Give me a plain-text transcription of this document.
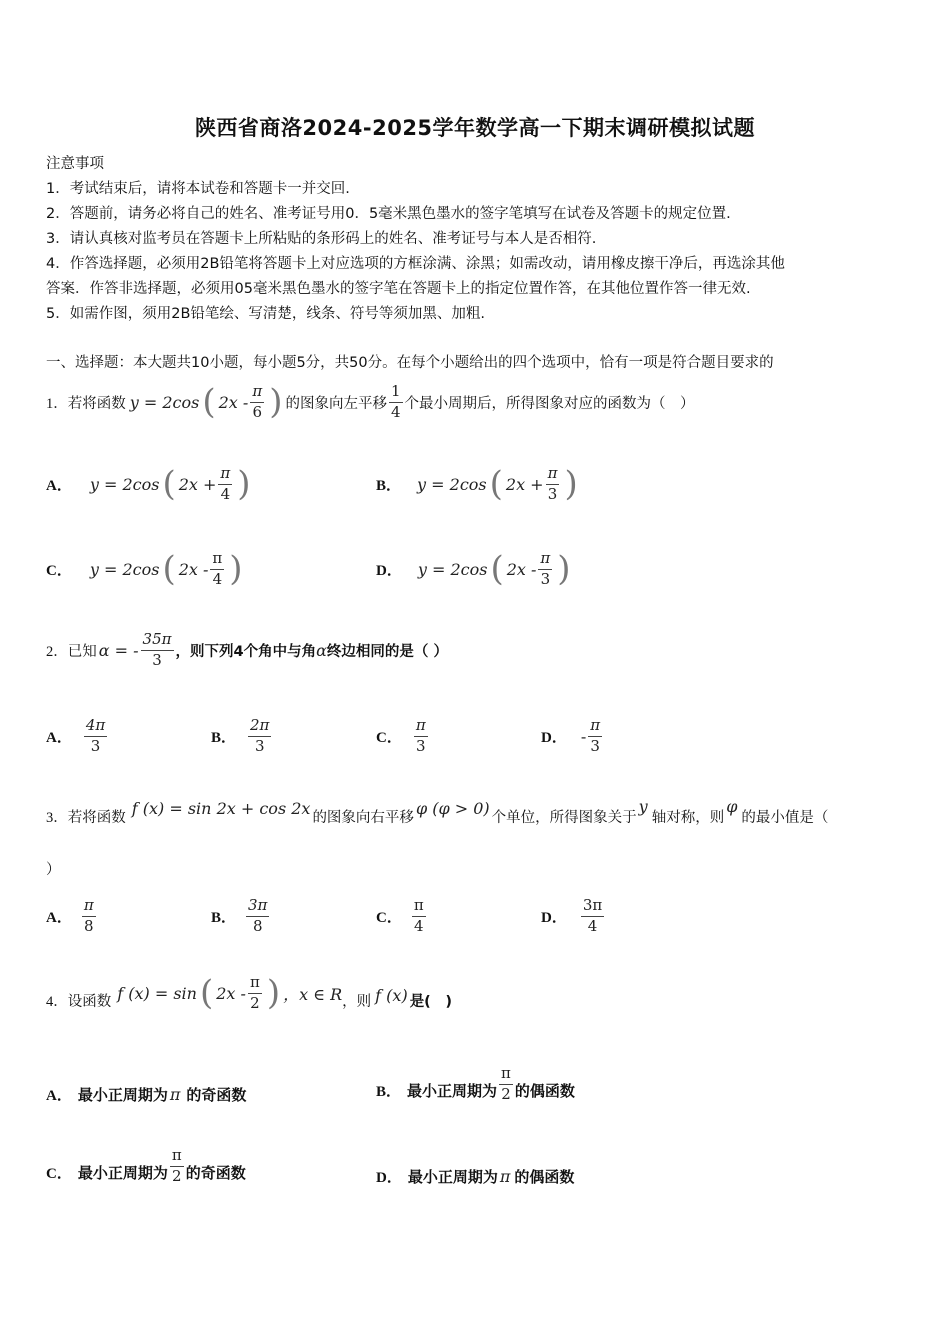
陕西省商洛2024-2025学年数学高一下期末调研模拟试题
注意事项
1．考试结束后，请将本试卷和答题卡一并交回.
2．答题前，请务必将自己的姓名、准考证号用0．5毫米黑色墨水的签字笔填写在试卷及答题卡的规定位置.
3．请认真核对监考员在答题卡上所粘贴的条形码上的姓名、准考证号与本人是否相符.
4．作答选择题，必须用2B铅笔将答题卡上对应选项的方框涂满、涂黑；如需改动，请用橡皮擦干净后，再选涂其他
答案．作答非选择题，必须用05毫米黑色墨水的签字笔在答题卡上的指定位置作答，在其他位置作答一律无效.
5．如需作图，须用2B铅笔绘、写清楚，线条、符号等须加黑、加粗.
一、选择题：本大题共10小题，每小题5分，共50分。在每个小题给出的四个选项中，恰有一项是符合题目要求的
1． 若将函数 y = 2cos ( $2x - \frac{\pi}{6}$ ) 的图象向左平移 $\frac{1}{4}$ 个最小周期后，所得图象对应的函数为（　）
A． y = 2cos ( $2x + \frac{\pi}{4}$ )	B． y = 2cos ( $2x + \frac{\pi}{3}$ )
C． y = 2cos ( $2x - \frac{\pi}{4}$ )	D． y = 2cos ( $2x - \frac{\pi}{3}$ )
2． 已知 α = - $\frac{35\pi}{3}$ ，则下列4个角中与角 α 终边相同的是（ ）
A． $\frac{4\pi}{3}$	B． $\frac{2\pi}{3}$	C． $\frac{\pi}{3}$	D． - $\frac{\pi}{3}$
3． 若将函数 f (x) = sin 2x + cos 2x 的图象向右平移 φ (φ > 0) 个单位，所得图象关于
y
轴对称，则
φ
的最小值是（
）
A． $\frac{\pi}{8}$	B． $\frac{3\pi}{8}$	C． $\frac{\pi}{4}$	D． $\frac{3\pi}{4}$
4． 设函数 f (x) = sin ( $2x - \frac{\pi}{2}$ ) ，x ∈ R ，则 f (x) 是(　)
A． 最小正周期为 π 的奇函数	B． 最小正周期为 $\frac{\pi}{2}$ 的偶函数
C． 最小正周期为 $\frac{\pi}{2}$ 的奇函数	D． 最小正周期为 π 的偶函数
